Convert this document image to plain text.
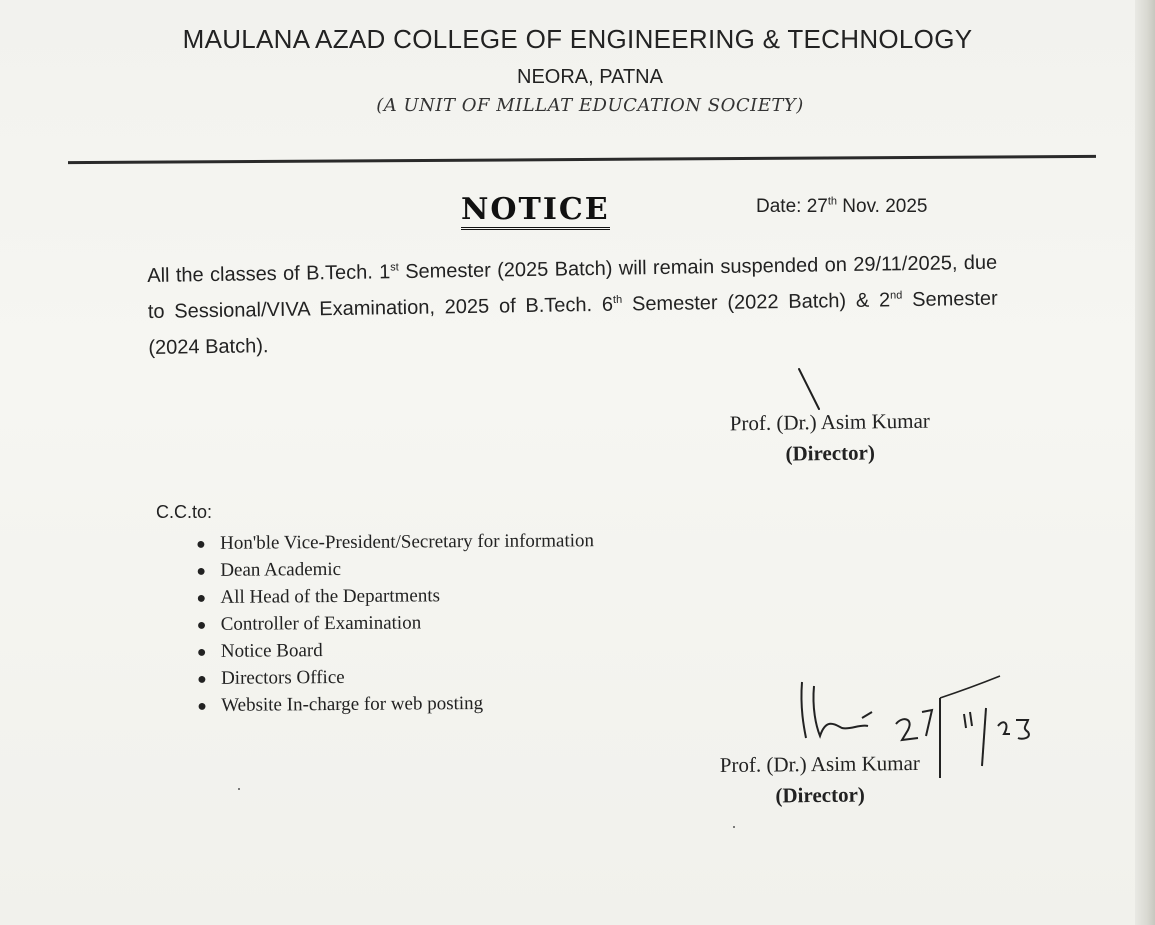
MAULANA AZAD COLLEGE OF ENGINEERING & TECHNOLOGY
NEORA, PATNA
(A UNIT OF MILLAT EDUCATION SOCIETY)
NOTICE	Date: 27th Nov. 2025
All the classes of B.Tech. 1st Semester (2025 Batch) will remain suspended on 29/11/2025, due to Sessional/VIVA Examination, 2025 of B.Tech. 6th Semester (2022 Batch) & 2nd Semester (2024 Batch).
Prof. (Dr.) Asim Kumar
(Director)
C.C.to:
● Hon'ble Vice-President/Secretary for information
● Dean Academic
● All Head of the Departments
● Controller of Examination
● Notice Board
● Directors Office
● Website In-charge for web posting
Prof. (Dr.) Asim Kumar
(Director)
